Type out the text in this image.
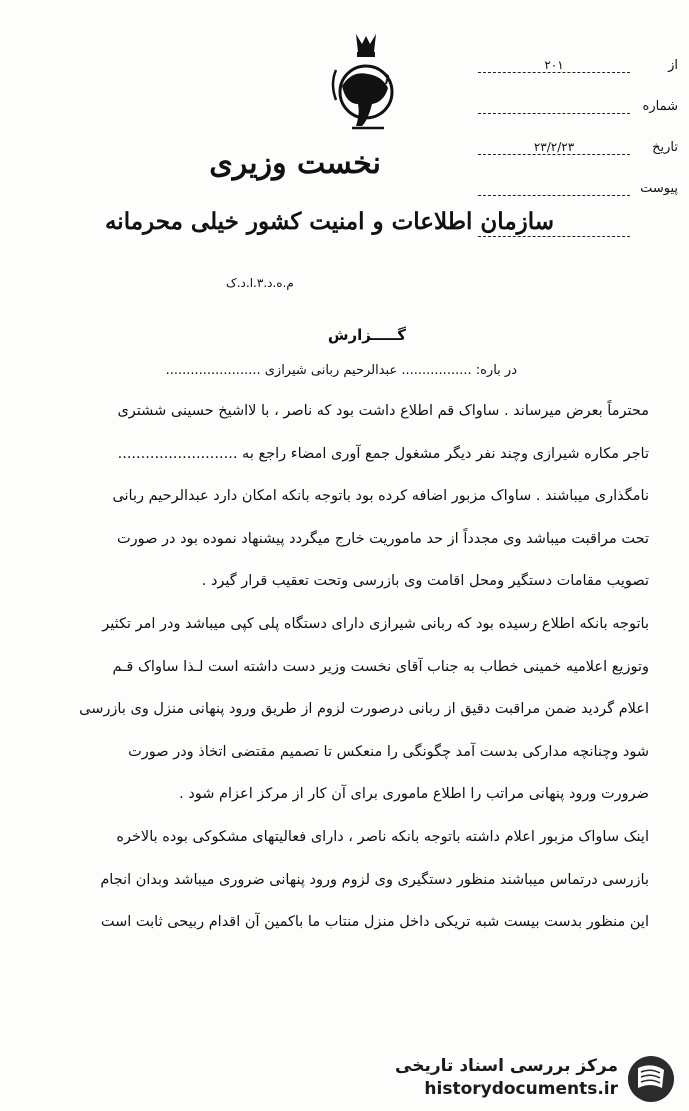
نخست وزیری
سازمان اطلاعات و امنیت کشور خیلی محرمانه
م.ه.د.۳.ا.د.ک
از
۲۰۱
شماره
تاریخ
۲۳/۲/۲۳
پیوست
گـــــزارش
در باره: ................. عبدالرحیم ربانی شیرازی .......................
محترماً بعرض میرساند . ساواک قم اطلاع داشت بود که ناصر ، با لااشیخ حسینی ششتری
تاجر مکاره شیرازی وچند نفر دیگر مشغول جمع آوری امضاء راجع به ..........................
نامگذاری میباشند . ساواک مزبور اضافه کرده بود باتوجه بانکه امکان دارد عبدالرحیم ربانی
تحت مراقبت میباشد وی مجدداً از حد ماموریت خارج میگردد پیشنهاد نموده بود در صورت
تصویب مقامات دستگیر ومحل اقامت وی بازرسی وتحت تعقیب قرار گیرد .
باتوجه بانکه اطلاع رسیده بود که ربانی شیرازی دارای دستگاه پلی کپی میباشد ودر امر تکثیر
وتوزیع اعلامیه خمینی خطاب به جناب آقای نخست وزیر دست داشته است لـذا ساواک قـم
اعلام گردید ضمن مراقبت دقیق از ربانی درصورت لزوم از طریق ورود پنهانی منزل وی بازرسی
شود وچنانچه مدارکی بدست آمد چگونگی را منعکس تا تصمیم مقتضی اتخاذ ودر صورت
ضرورت ورود پنهانی مراتب را اطلاع ماموری برای آن کار از مرکز اعزام شود .
اینک ساواک مزبور اعلام داشته باتوجه بانکه ناصر ، دارای فعالیتهای مشکوکی بوده بالاخره
بازرسی درتماس میباشند منظور دستگیری وی لزوم ورود پنهانی ضروری میباشد وبدان انجام
این منظور بدست بیست شبه تریکی داخل منزل منتاب ما باکمین آن اقدام ربیحی ثابت است
مرکز بررسی اسناد تاریخی
historydocuments.ir
